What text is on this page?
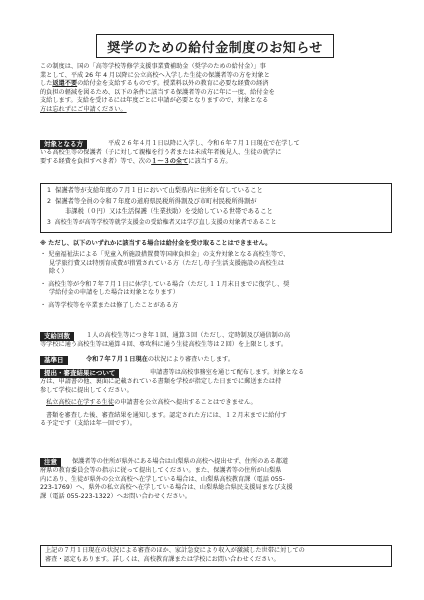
奨学のための給付金制度のお知らせ
この制度は、国の「高等学校等修学支援事業費補助金（奨学のための給付金）」事
業として、平成 26 年 4 月以降に公立高校へ入学した生徒の保護者等の方を対象と
した返還不要の給付金を支給するものです。授業料以外の教育に必要な経費の経済
的負担の軽減を図るため、以下の条件に該当する保護者等の方に年に一度、給付金を
支給します。支給を受けるには年度ごとに申請が必要となりますので、対象となる
方は忘れずにご申請ください。
対象となる方	平成２６年４月１日以降に入学し、令和６年７月１日現在で在学して
いる高校生等の保護者（子に対して親権を行う者または未成年者後見人、生徒の就学に
要する経費を負担すべき者）等で、次の１～３の全てに該当する方。
1 保護者等が支給年度の７月１日において山梨県内に住所を有していること
2 保護者等全員の令和７年度の道府県民税所得割及び市町村民税所得割が
非課税（０円）又は生活保護（生業扶助）を受給している世帯であること
3 高校生等が高等学校等就学支援金の受給権者又は学び直し支援の対象者であること
※ ただし、以下のいずれかに該当する場合は給付金を受け取ることはできません。
・ 児童福祉法による「児童入所施設措置費等国庫負担金」の支弁対象となる高校生等で、
見学旅行費又は特別育成費が措置されている方（ただし母子生活支援施設の高校生は
除く）
・ 高校生等が令和７年７月１日に休学している場合（ただし１１月末日までに復学し、奨
学給付金の申請をした場合は対象となります）
・ 高等学校等を卒業または修了したことがある方
支給回数	１人の高校生等につき年１回、通算３回（ただし、定時制及び通信制の高
等学校に通う高校生等は通算４回、専攻科に通う生徒高校生等は２回）を上限とします。
基準日	令和７年７月１日現在の状況により審査いたします。
提出・審査結果について	申請書等は高校事務室を通じて配布します。対象となる
方は、申請書の他、裏面に記載されている書類を学校が指定した日までに郵送または持
参して学校に提出してください。
私立高校に在学する生徒の申請書を公立高校へ提出することはできません。
書類を審査した後、審査結果を通知します。認定された方には、１２月末までに給付す
る予定です（支給は年一回です）。
注意	保護者等の住所が県外にある場合は山梨県の高校へ提出せず、住所のある都道
府県の教育委員会等の指示に従って提出してください。また、保護者等の住所が山梨県
内にあり、生徒が県外の公立高校へ在学している場合は、山梨県高校教育課（電話 055-
223-1769）へ、県外の私立高校へ在学している場合は、山梨県総合県民支援局まなび支援
課（電話 055-223-1322）へお問い合わせください。
上記の７月１日現在の状況による審査のほか、家計急変により収入が激減した世帯に対しての
審査・認定もあります。詳しくは、高校教育課または学校にお問い合わせください。
